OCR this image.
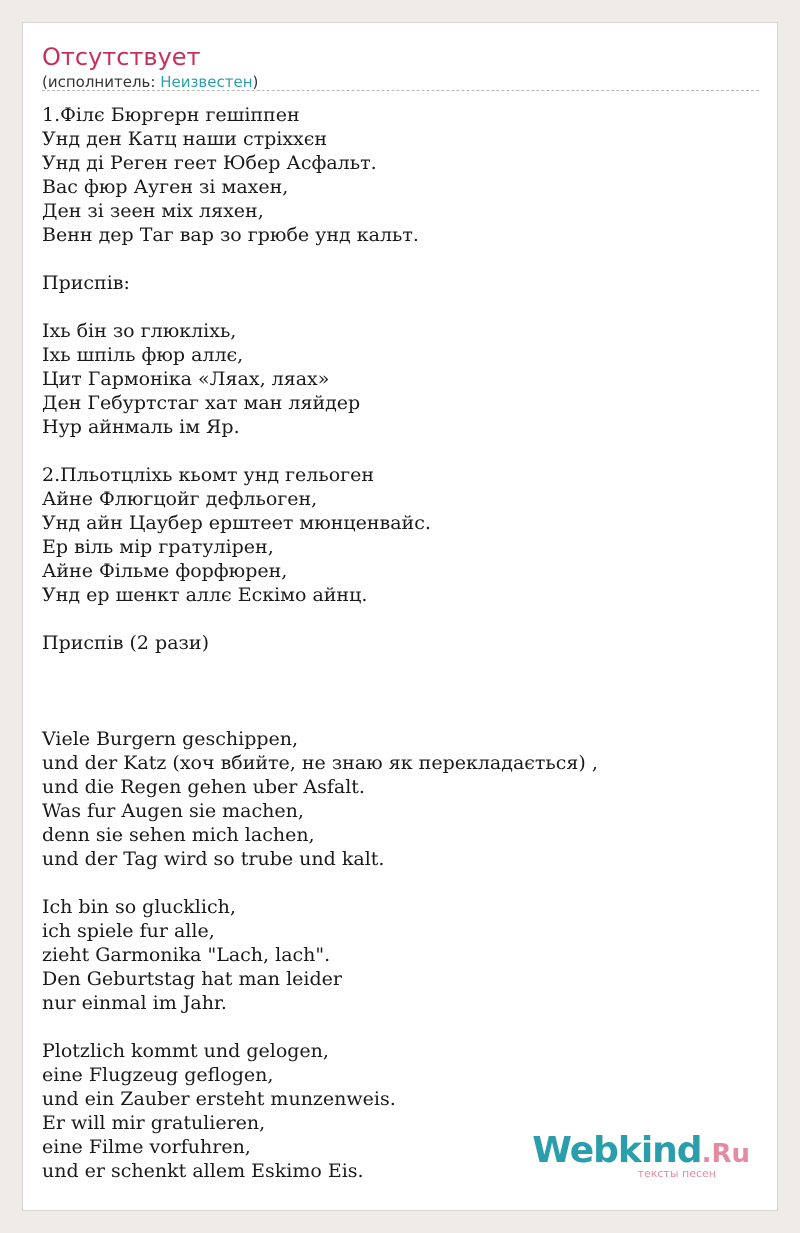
Отсутствует
(исполнитель: Неизвестен)
1.Філє Бюргерн гешіппен
Унд ден Катц наши стріххєн
Унд ді Реген геет Юбер Асфальт.
Вас фюр Ауген зі махен,
Ден зі зеен міх ляхен,
Венн дер Таг вар зо грюбе унд кальт.
Приспів:
Іхь бін зо глюкліхь,
Іхь шпіль фюр аллє,
Цит Гармоніка «Ляах, ляах»
Ден Гебуртстаг хат ман ляйдер
Нур айнмаль ім Яр.
2.Пльотцліхь кьомт унд гельоген
Айне Флюгцойг дефльоген,
Унд айн Цаубер ерштеет мюнценвайс.
Ер віль мір гратулірен,
Айне Фільме форфюрен,
Унд ер шенкт аллє Ескімо айнц.
Приспів (2 рази)
Viele Burgern geschippen,
und der Katz (хоч вбийте, не знаю як перекладається) ,
und die Regen gehen uber Asfalt.
Was fur Augen sie machen,
denn sie sehen mich lachen,
und der Tag wird so trube und kalt.
Ich bin so glucklich,
ich spiele fur alle,
zieht Garmonika "Lach, lach".
Den Geburtstag hat man leider
nur einmal im Jahr.
Plotzlich kommt und gelogen,
eine Flugzeug geflogen,
und ein Zauber ersteht munzenweis.
Er will mir gratulieren,
eine Filme vorfuhren,
und er schenkt allem Eskimo Eis.	Webkind.Ru
тексты песен
